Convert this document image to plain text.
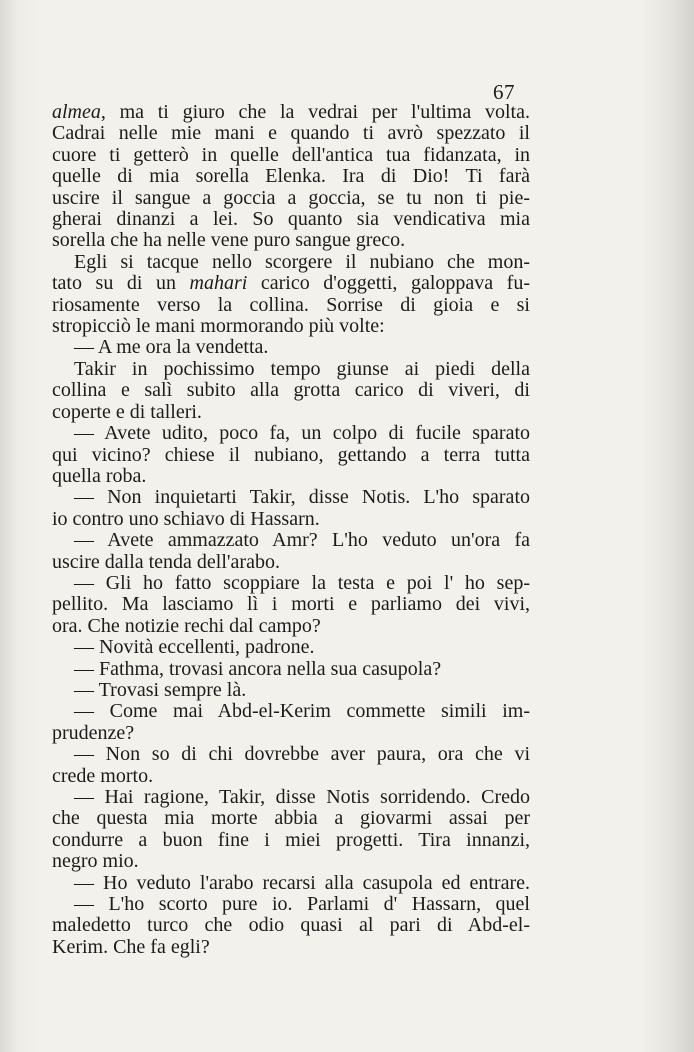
67
almea, ma ti giuro che la vedrai per l'ultima volta.
Cadrai nelle mie mani e quando ti avrò spezzato il
cuore ti getterò in quelle dell'antica tua fidanzata, in
quelle di mia sorella Elenka. Ira di Dio! Ti farà
uscire il sangue a goccia a goccia, se tu non ti pie-
gherai dinanzi a lei. So quanto sia vendicativa mia
sorella che ha nelle vene puro sangue greco.
Egli si tacque nello scorgere il nubiano che mon-
tato su di un mahari carico d'oggetti, galoppava fu-
riosamente verso la collina. Sorrise di gioia e si
stropicciò le mani mormorando più volte:
— A me ora la vendetta.
Takir in pochissimo tempo giunse ai piedi della
collina e salì subito alla grotta carico di viveri, di
coperte e di talleri.
— Avete udito, poco fa, un colpo di fucile sparato
qui vicino? chiese il nubiano, gettando a terra tutta
quella roba.
— Non inquietarti Takir, disse Notis. L'ho sparato
io contro uno schiavo di Hassarn.
— Avete ammazzato Amr? L'ho veduto un'ora fa
uscire dalla tenda dell'arabo.
— Gli ho fatto scoppiare la testa e poi l' ho sep-
pellito. Ma lasciamo lì i morti e parliamo dei vivi,
ora. Che notizie rechi dal campo?
— Novità eccellenti, padrone.
— Fathma, trovasi ancora nella sua casupola?
— Trovasi sempre là.
— Come mai Abd-el-Kerim commette simili im-
prudenze?
— Non so di chi dovrebbe aver paura, ora che vi
crede morto.
— Hai ragione, Takir, disse Notis sorridendo. Credo
che questa mia morte abbia a giovarmi assai per
condurre a buon fine i miei progetti. Tira innanzi,
negro mio.
— Ho veduto l'arabo recarsi alla casupola ed entrare.
— L'ho scorto pure io. Parlami d' Hassarn, quel
maledetto turco che odio quasi al pari di Abd-el-
Kerim. Che fa egli?
